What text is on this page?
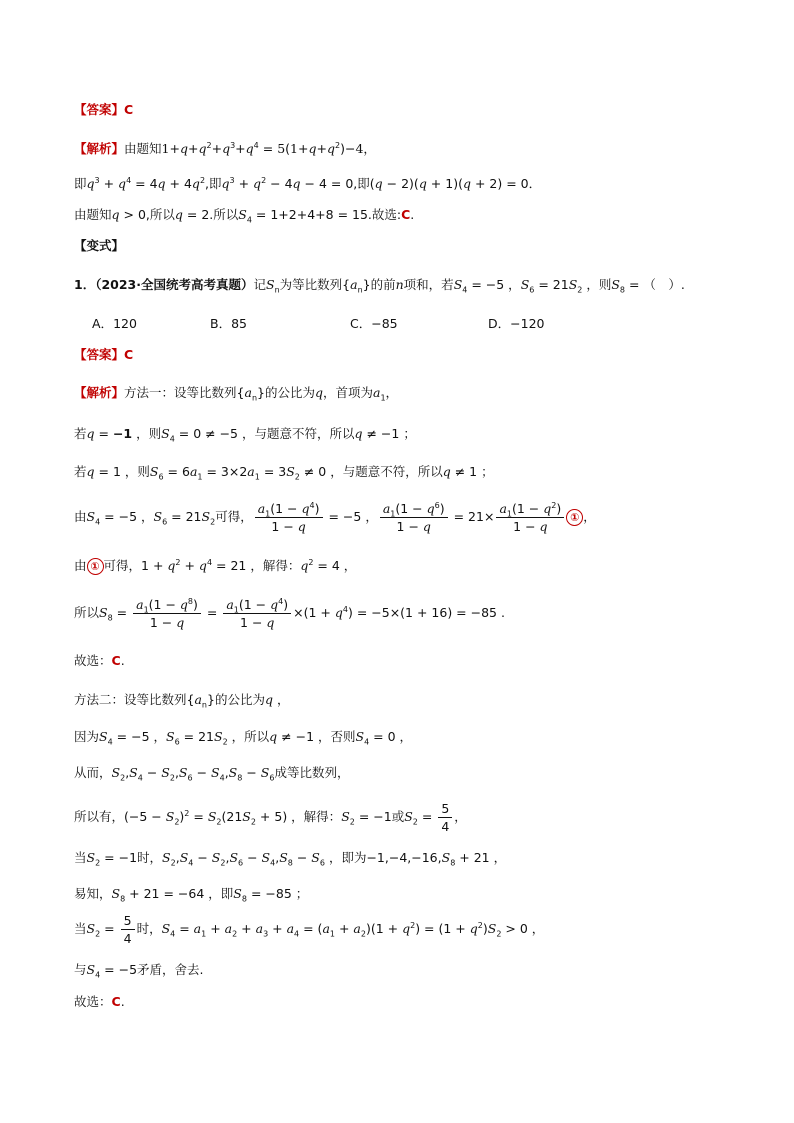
【答案】C
【解析】由题知$1+q+q^2+q^3+q^4 = 5(1+q+q^2)-4$，
即$q^3 + q^4 = 4q + 4q^2$,即$q^3 + q^2 - 4q - 4 = 0$,即(q − 2)(q + 1)(q + 2) = 0．
由题知q > 0,所以q = 2.所以$S_4 = 1+2+4+8 = 15$.故选:C.
【变式】
1．（2023·全国统考高考真题）记$S_n$为等比数列$\{a_n\}$的前n项和，若$S_4 = -5$ ，$S_6 = 21S_2$ ，则$S_8$ = （　）.
A．120	B．85	C．−85	D．−120
【答案】C
【解析】方法一：设等比数列$\{a_n\}$的公比为q，首项为$a_1$，
若q = −1 ，则$S_4 = 0 \ne -5$ ，与题意不符，所以q ≠ −1 ；
若q = 1 ，则$S_6 = 6a_1 = 3\times 2a_1 = 3S_2 \ne 0$ ，与题意不符，所以q ≠ 1 ；
由$S_4 = -5$ ，$S_6 = 21S_2$可得， $\frac{a_1(1 - q^4)}{1 - q} = -5$ ， $\frac{a_1(1 - q^6)}{1 - q} = 21\times \frac{a_1(1 - q^2)}{1 - q}$ ① ，
由 ① 可得，$1 + q^2 + q^4 = 21$ ，解得：$q^2 = 4$ ，
所以$S_8 = \frac{a_1(1 - q^8)}{1 - q} = \frac{a_1(1 - q^4)}{1 - q} \times(1 + q^4) = -5\times(1 + 16) = -85$ .
故选：C.
方法二：设等比数列$\{a_n\}$的公比为q ，
因为$S_4 = -5$ ，$S_6 = 21S_2$ ，所以q ≠ −1 ，否则$S_4 = 0$ ，
从而，$S_2,S_4 - S_2,S_6 - S_4,S_8 - S_6$成等比数列，
所以有，$(-5 - S_2)^2 = S_2(21S_2 + 5)$ ，解得：$S_2 = -1$或$S_2 = \frac{5}{4}$ ，
当$S_2 = -1$时，$S_2,S_4 - S_2,S_6 - S_4,S_8 - S_6$ ，即为$-1,-4,-16,S_8 + 21$ ，
易知，$S_8 + 21 = -64$ ，即$S_8 = -85$ ；
当$S_2 = \frac{5}{4}$ 时，$S_4 = a_1 + a_2 + a_3 + a_4 = (a_1 + a_2)(1 + q^2) = (1 + q^2)S_2 > 0$ ，
与$S_4 = -5$矛盾，舍去.
故选：C.
